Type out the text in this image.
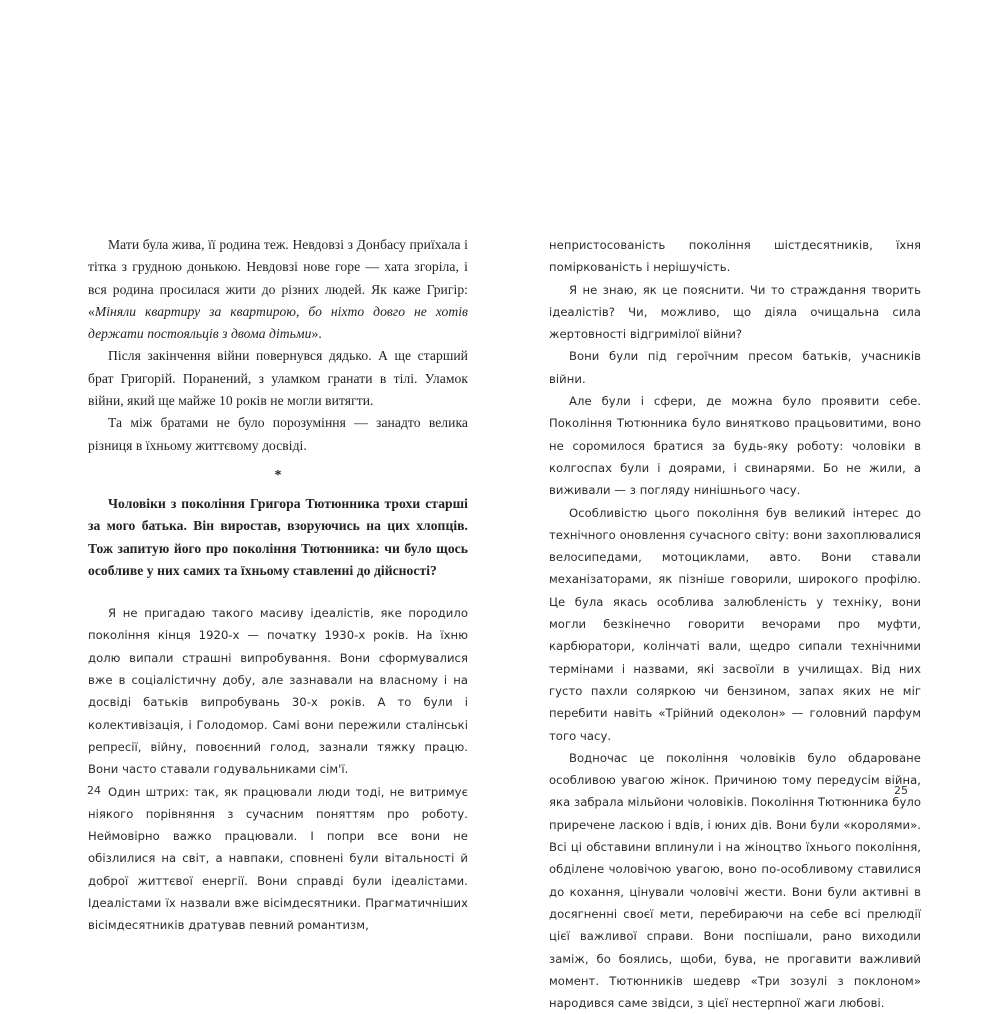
Мати була жива, її родина теж. Невдовзі з Донбасу приїхала і тітка з грудною донькою. Невдовзі нове горе — хата згоріла, і вся родина просилася жити до різних людей. Як каже Григір: «Міняли квартиру за квартирою, бо ніхто довго не хотів держати постояльців з двома дітьми».

Після закінчення війни повернувся дядько. А ще старший брат Григорій. Поранений, з уламком гранати в тілі. Уламок війни, який ще майже 10 років не могли витягти.

Та між братами не було порозуміння — занадто велика різниця в їхньому життєвому досвіді.

*

Чоловіки з покоління Григора Тютюнника трохи старші за мого батька. Він виростав, взоруючись на цих хлопців. Тож запитую його про покоління Тютюнника: чи було щось особливе у них самих та їхньому ставленні до дійсності?

Я не пригадаю такого масиву ідеалістів, яке породило покоління кінця 1920-х — початку 1930-х років. На їхню долю випали страшні випробування. Вони сформувалися вже в соціалістичну добу, але зазнавали на власному і на досвіді батьків випробувань 30-х років. А то були і колективізація, і Голодомор. Самі вони пережили сталінські репресії, війну, повоєнний голод, зазнали тяжку працю. Вони часто ставали годувальниками сім'ї.

Один штрих: так, як працювали люди тоді, не витримує ніякого порівняння з сучасним поняттям про роботу. Неймовірно важко працювали. І попри все вони не обізлилися на світ, а навпаки, сповнені були вітальності й доброї життєвої енергії. Вони справді були ідеалістами. Ідеалістами їх назвали вже вісімдесятники. Прагматичніших вісімдесятників дратував певний романтизм,

непристосованість покоління шістдесятників, їхня поміркованість і нерішучість.

Я не знаю, як це пояснити. Чи то страждання творить ідеалістів? Чи, можливо, що діяла очищальна сила жертовності відгримілої війни?

Вони були під героїчним пресом батьків, учасників війни.

Але були і сфери, де можна було проявити себе. Покоління Тютюнника було винятково працьовитими, воно не соромилося братися за будь-яку роботу: чоловіки в колгоспах були і доярами, і свинарями. Бо не жили, а виживали — з погляду нинішнього часу.

Особливістю цього покоління був великий інтерес до технічного оновлення сучасного світу: вони захоплювалися велосипедами, мотоциклами, авто. Вони ставали механізаторами, як пізніше говорили, широкого профілю. Це була якась особлива залюбленість у техніку, вони могли безкінечно говорити вечорами про муфти, карбюратори, колінчаті вали, щедро сипали технічними термінами і назвами, які засвоїли в училищах. Від них густо пахли соляркою чи бензином, запах яких не міг перебити навіть «Трійний одеколон» — головний парфум того часу.

Водночас це покоління чоловіків було обдароване особливою увагою жінок. Причиною тому передусім війна, яка забрала мільйони чоловіків. Покоління Тютюнника було приречене ласкою і вдів, і юних дів. Вони були «королями». Всі ці обставини вплинули і на жіноцтво їхнього покоління, обділене чоловічою увагою, воно по-особливому ставилися до кохання, цінували чоловічі жести. Вони були активні в досягненні своєї мети, перебираючи на себе всі прелюдії цієї важливої справи. Вони поспішали, рано виходили заміж, бо боялись, щоби, бува, не прогавити важливий момент. Тютюнників шедевр «Три зозулі з поклоном» народився саме звідси, з цієї нестерпної жаги любові.

24	25
